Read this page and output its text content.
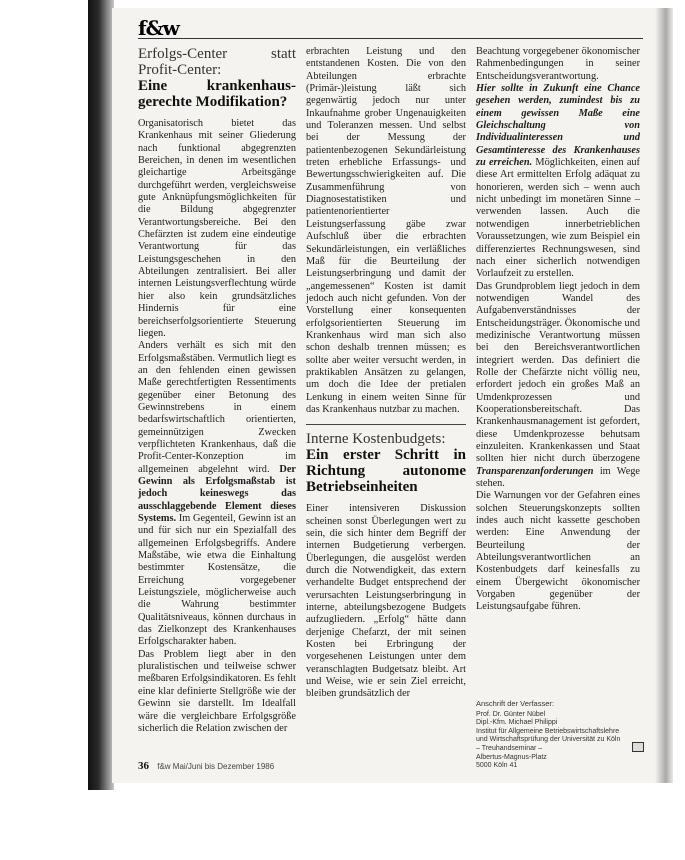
f&w
Erfolgs-Center statt Profit-Center:
Eine krankenhaus-gerechte Modifikation?

Organisatorisch bietet das Krankenhaus mit seiner Gliederung nach funktional abgegrenzten Bereichen, in denen im wesentlichen gleichartige Arbeitsgänge durchgeführt werden, vergleichsweise gute Anknüpfungsmöglichkeiten für die Bildung abgegrenzter Verantwortungsbereiche. Bei den Chefärzten ist zudem eine eindeutige Verantwortung für das Leistungsgeschehen in den Abteilungen zentralisiert. Bei aller internen Leistungsverflechtung würde hier also kein grundsätzliches Hindernis für eine bereichserfolgsorientierte Steuerung liegen.

Anders verhält es sich mit den Erfolgsmaßstäben. Vermutlich liegt es an den fehlenden einen gewissen Maße gerechtfertigten Ressentiments gegenüber einer Betonung des Gewinnstrebens in einem bedarfswirtschaftlich orientierten, gemeinnützigen Zwecken verpflichteten Krankenhaus, daß die Profit-Center-Konzeption im allgemeinen abgelehnt wird. Der Gewinn als Erfolgsmaßstab ist jedoch keineswegs das ausschlaggebende Element dieses Systems. Im Gegenteil, Gewinn ist an und für sich nur ein Spezialfall des allgemeinen Erfolgsbegriffs. Andere Maßstäbe, wie etwa die Einhaltung bestimmter Kostensätze, die Erreichung vorgegebener Leistungsziele, möglicherweise auch die Wahrung bestimmter Qualitätsniveaus, können durchaus in das Zielkonzept des Krankenhauses Erfolgscharakter haben.

Das Problem liegt aber in den pluralistischen und teilweise schwer meßbaren Erfolgsindikatoren. Es fehlt eine klar definierte Stellgröße wie der Gewinn sie darstellt. Im Idealfall wäre die vergleichbare Erfolgsgröße sicherlich die Relation zwischen der

erbrachten Leistung und den entstandenen Kosten. Die von den Abteilungen erbrachte (Primär-)leistung läßt sich gegenwärtig jedoch nur unter Inkaufnahme grober Ungenauigkeiten und Toleranzen messen. Und selbst bei der Messung der patientenbezogenen Sekundärleistung treten erhebliche Erfassungs- und Bewertungsschwierigkeiten auf. Die Zusammenführung von Diagnosestatistiken und patientenorientierter Leistungserfassung gäbe zwar Aufschluß über die erbrachten Sekundärleistungen, ein verläßliches Maß für die Beurteilung der Leistungserbringung und damit der „angemessenen“ Kosten ist damit jedoch auch nicht gefunden. Von der Vorstellung einer konsequenten erfolgsorientierten Steuerung im Krankenhaus wird man sich also schon deshalb trennen müssen; es sollte aber weiter versucht werden, in praktikablen Ansätzen zu gelangen, um doch die Idee der pretialen Lenkung in einem weiten Sinne für das Krankenhaus nutzbar zu machen.

Interne Kostenbudgets:
Ein erster Schritt in Richtung autonome Betriebseinheiten

Einer intensiveren Diskussion scheinen sonst Überlegungen wert zu sein, die sich hinter dem Begriff der internen Budgetierung verbergen. Überlegungen, die ausgelöst werden durch die Notwendigkeit, das extern verhandelte Budget entsprechend der verursachten Leistungserbringung in interne, abteilungsbezogene Budgets aufzugliedern. „Erfolg“ hätte dann derjenige Chefarzt, der mit seinen Kosten bei Erbringung der vorgesehenen Leistungen unter dem veranschlagten Budgetsatz bleibt. Art und Weise, wie er sein Ziel erreicht, bleiben grundsätzlich der

Beachtung vorgegebener ökonomischer Rahmenbedingungen in seiner Entscheidungsverantwortung.

Hier sollte in Zukunft eine Chance gesehen werden, zumindest bis zu einem gewissen Maße eine Gleichschaltung von Individualinteressen und Gesamtinteresse des Krankenhauses zu erreichen. Möglichkeiten, einen auf diese Art ermittelten Erfolg adäquat zu honorieren, werden sich – wenn auch nicht unbedingt im monetären Sinne – verwenden lassen. Auch die notwendigen innerbetrieblichen Voraussetzungen, wie zum Beispiel ein differenziertes Rechnungswesen, sind nach einer sicherlich notwendigen Vorlaufzeit zu erstellen.

Das Grundproblem liegt jedoch in dem notwendigen Wandel des Aufgabenverständnisses der Entscheidungsträger. Ökonomische und medizinische Verantwortung müssen bei den Bereichsverantwortlichen integriert werden. Das definiert die Rolle der Chefärzte nicht völlig neu, erfordert jedoch ein großes Maß an Umdenkprozessen und Kooperationsbereitschaft. Das Krankenhausmanagement ist gefordert, diese Umdenkprozesse behutsam einzuleiten. Krankenkassen und Staat sollten hier nicht durch überzogene Transparenzanforderungen im Wege stehen.

Die Warnungen vor der Gefahren eines solchen Steuerungskonzepts sollten indes auch nicht kassette geschoben werden: Eine Anwendung der Beurteilung der Abteilungsverantwortlichen an Kostenbudgets darf keinesfalls zu einem Übergewicht ökonomischer Vorgaben gegenüber der Leistungsaufgabe führen.

Anschrift der Verfasser:
Prof. Dr. Günter Nübel
Dipl.-Kfm. Michael Philippi
Institut für Allgemeine Betriebswirtschaftslehre
und Wirtschaftsprüfung der Universität zu Köln
– Treuhandseminar –
Albertus-Magnus-Platz
5000 Köln 41
36 f&w Mai/Juni bis Dezember 1986
